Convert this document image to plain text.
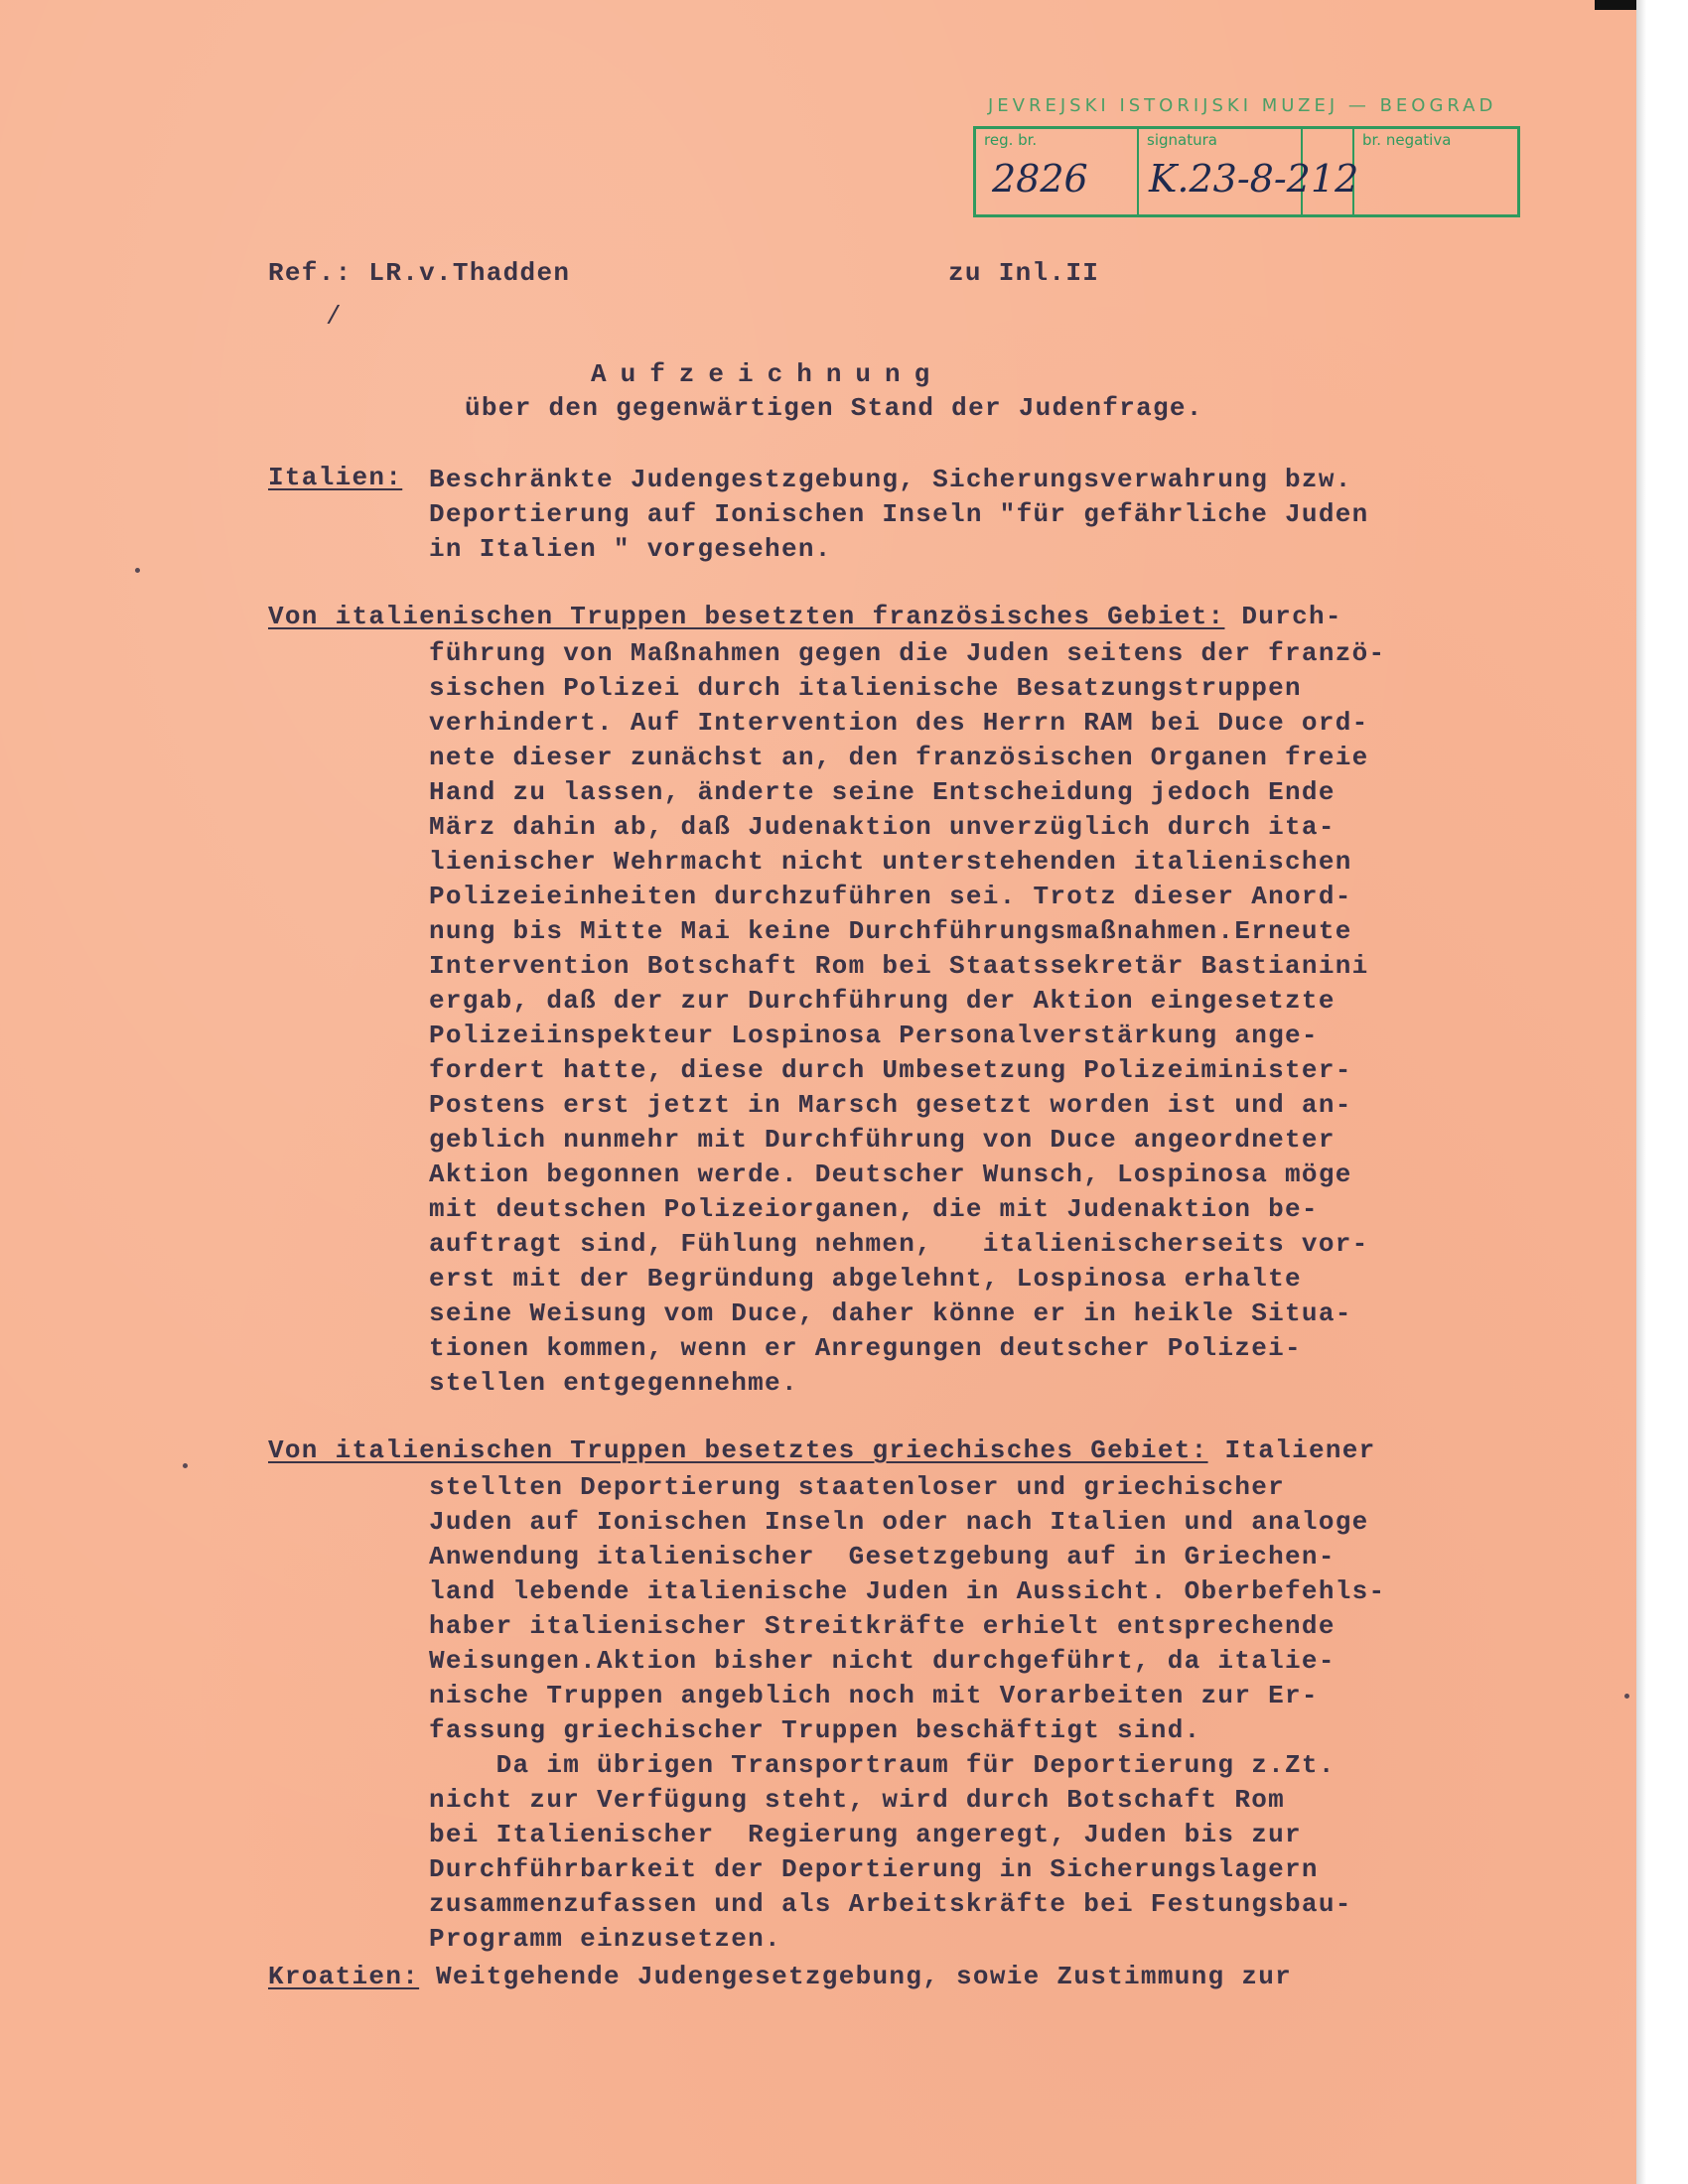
JEVREJSKI ISTORIJSKI MUZEJ — BEOGRAD
reg. br.
2826
signatura
K.23-8-2 12
br. negativa
Ref.: LR.v.Thadden	zu Inl.II
/
Aufzeichnung
über den gegenwärtigen Stand der Judenfrage.
Italien: Beschränkte Judengestzgebung, Sicherungsverwahrung bzw.
Deportierung auf Ionischen Inseln "für gefährliche Juden
in Italien " vorgesehen.
Von italienischen Truppen besetzten französisches Gebiet: Durch-
führung von Maßnahmen gegen die Juden seitens der franzö-
sischen Polizei durch italienische Besatzungstruppen
verhindert. Auf Intervention des Herrn RAM bei Duce ord-
nete dieser zunächst an, den französischen Organen freie
Hand zu lassen, änderte seine Entscheidung jedoch Ende
März dahin ab, daß Judenaktion unverzüglich durch ita-
lienischer Wehrmacht nicht unterstehenden italienischen
Polizeieinheiten durchzuführen sei. Trotz dieser Anord-
nung bis Mitte Mai keine Durchführungsmaßnahmen.Erneute
Intervention Botschaft Rom bei Staatssekretär Bastianini
ergab, daß der zur Durchführung der Aktion eingesetzte
Polizeiinspekteur Lospinosa Personalverstärkung ange-
fordert hatte, diese durch Umbesetzung Polizeiminister-
Postens erst jetzt in Marsch gesetzt worden ist und an-
geblich nunmehr mit Durchführung von Duce angeordneter
Aktion begonnen werde. Deutscher Wunsch, Lospinosa möge
mit deutschen Polizeiorganen, die mit Judenaktion be-
auftragt sind, Fühlung nehmen,   italienischerseits vor-
erst mit der Begründung abgelehnt, Lospinosa erhalte
seine Weisung vom Duce, daher könne er in heikle Situa-
tionen kommen, wenn er Anregungen deutscher Polizei-
stellen entgegennehme.
Von italienischen Truppen besetztes griechisches Gebiet: Italiener
stellten Deportierung staatenloser und griechischer
Juden auf Ionischen Inseln oder nach Italien und analoge
Anwendung italienischer  Gesetzgebung auf in Griechen-
land lebende italienische Juden in Aussicht. Oberbefehls-
haber italienischer Streitkräfte erhielt entsprechende
Weisungen.Aktion bisher nicht durchgeführt, da italie-
nische Truppen angeblich noch mit Vorarbeiten zur Er-
fassung griechischer Truppen beschäftigt sind.
Da im übrigen Transportraum für Deportierung z.Zt.
nicht zur Verfügung steht, wird durch Botschaft Rom
bei Italienischer  Regierung angeregt, Juden bis zur
Durchführbarkeit der Deportierung in Sicherungslagern
zusammenzufassen und als Arbeitskräfte bei Festungsbau-
Programm einzusetzen.
Kroatien: Weitgehende Judengesetzgebung, sowie Zustimmung zur
